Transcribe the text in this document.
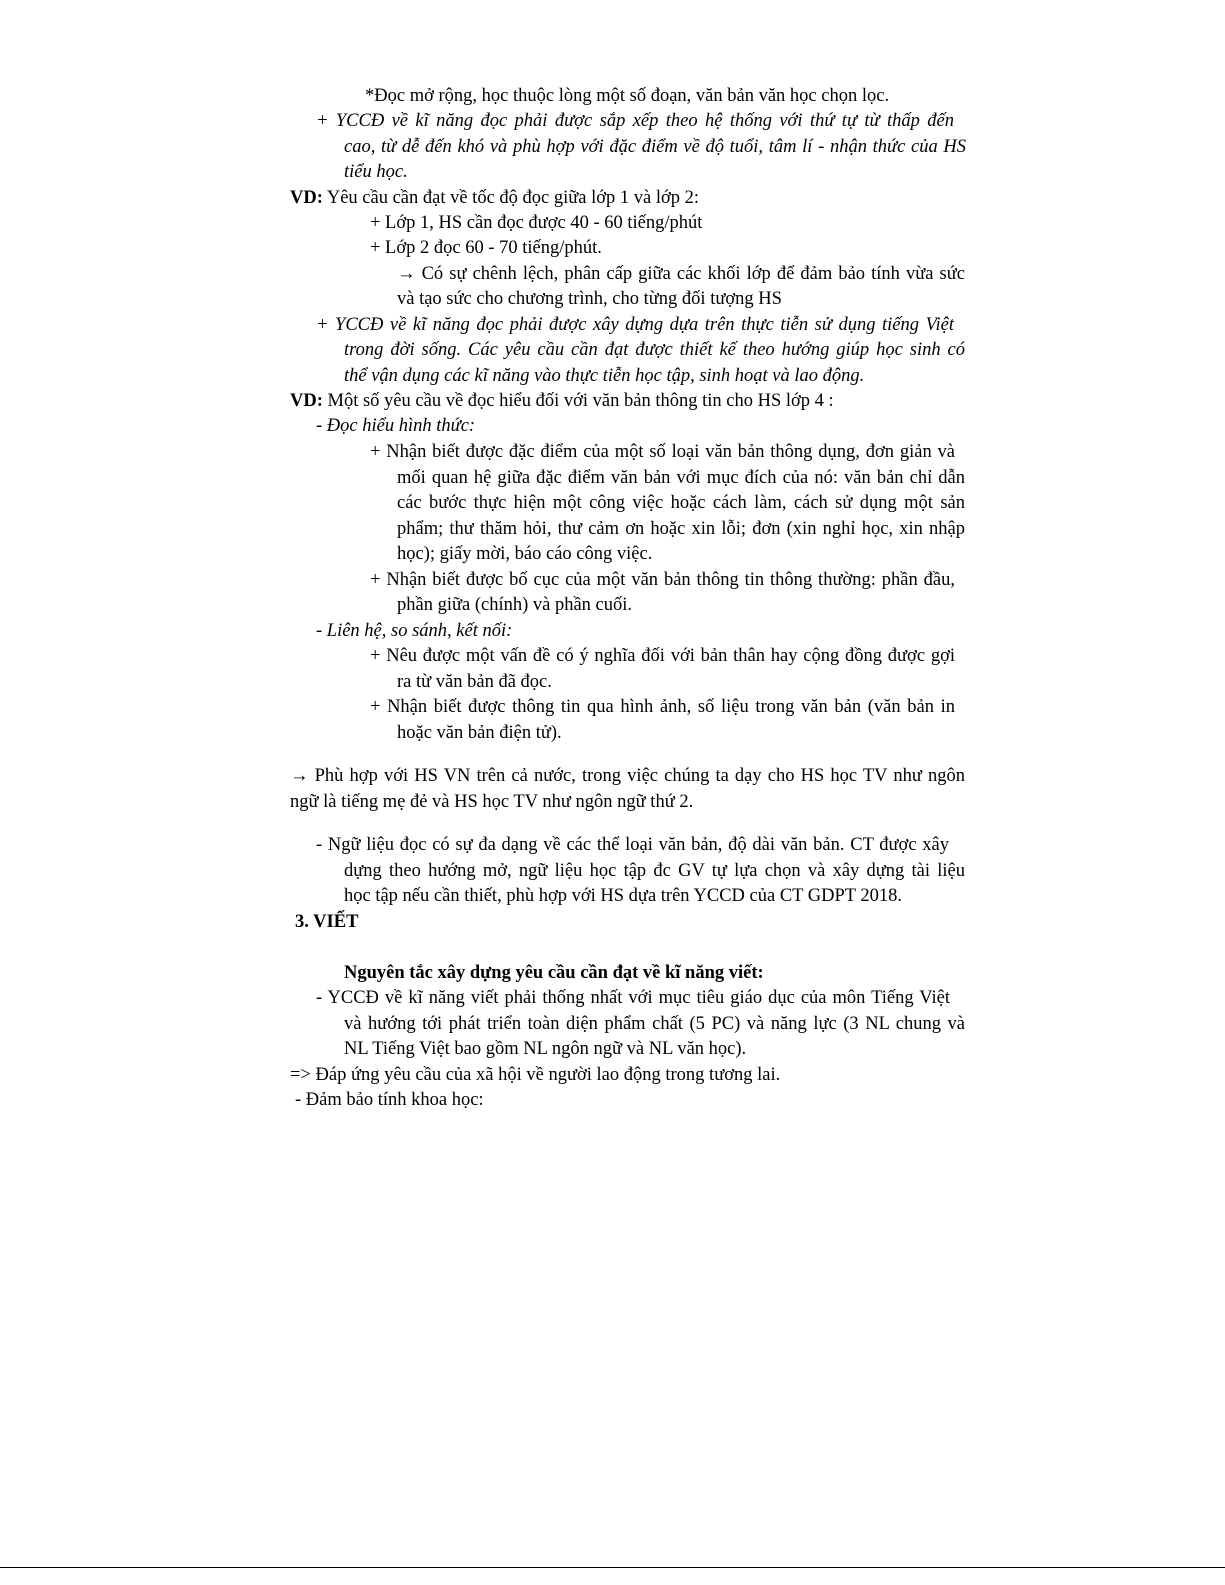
*Đọc mở rộng, học thuộc lòng một số đoạn, văn bản văn học chọn lọc.
+ YCCĐ về kĩ năng đọc phải được sắp xếp theo hệ thống với thứ tự từ thấp đến
cao, từ dễ đến khó và phù hợp với đặc điểm về độ tuổi, tâm lí - nhận thức của HS
tiểu học.
VD: Yêu cầu cần đạt về tốc độ đọc giữa lớp 1 và lớp 2:
+ Lớp 1, HS cần đọc được 40 - 60 tiếng/phút
+ Lớp 2 đọc 60 - 70 tiếng/phút.
→ Có sự chênh lệch, phân cấp giữa các khối lớp để đảm bảo tính vừa sức
và tạo sức cho chương trình, cho từng đối tượng HS
+ YCCĐ về kĩ năng đọc phải được xây dựng dựa trên thực tiễn sử dụng tiếng Việt
trong đời sống. Các yêu cầu cần đạt được thiết kế theo hướng giúp học sinh có
thể vận dụng các kĩ năng vào thực tiễn học tập, sinh hoạt và lao động.
VD: Một số yêu cầu về đọc hiểu đối với văn bản thông tin cho HS lớp 4 :
- Đọc hiểu hình thức:
+ Nhận biết được đặc điểm của một số loại văn bản thông dụng, đơn giản và
mối quan hệ giữa đặc điểm văn bản với mục đích của nó: văn bản chỉ dẫn
các bước thực hiện một công việc hoặc cách làm, cách sử dụng một sản
phẩm; thư thăm hỏi, thư cảm ơn hoặc xin lỗi; đơn (xin nghỉ học, xin nhập
học); giấy mời, báo cáo công việc.
+ Nhận biết được bố cục của một văn bản thông tin thông thường: phần đầu,
phần giữa (chính) và phần cuối.
- Liên hệ, so sánh, kết nối:
+ Nêu được một vấn đề có ý nghĩa đối với bản thân hay cộng đồng được gợi
ra từ văn bản đã đọc.
+ Nhận biết được thông tin qua hình ảnh, số liệu trong văn bản (văn bản in
hoặc văn bản điện tử).
→ Phù hợp với HS VN trên cả nước, trong việc chúng ta dạy cho HS học TV như ngôn
ngữ là tiếng mẹ đẻ và HS học TV như ngôn ngữ thứ 2.
- Ngữ liệu đọc có sự đa dạng về các thể loại văn bản, độ dài văn bản. CT được xây
dựng theo hướng mở, ngữ liệu học tập đc GV tự lựa chọn và xây dựng tài liệu
học tập nếu cần thiết, phù hợp với HS dựa trên YCCD của CT GDPT 2018.
3. VIẾT
Nguyên tắc xây dựng yêu cầu cần đạt về kĩ năng viết:
- YCCĐ về kĩ năng viết phải thống nhất với mục tiêu giáo dục của môn Tiếng Việt
và hướng tới phát triển toàn diện phẩm chất (5 PC) và năng lực (3 NL chung và
NL Tiếng Việt bao gồm NL ngôn ngữ và NL văn học).
=> Đáp ứng yêu cầu của xã hội về người lao động trong tương lai.
- Đảm bảo tính khoa học:
